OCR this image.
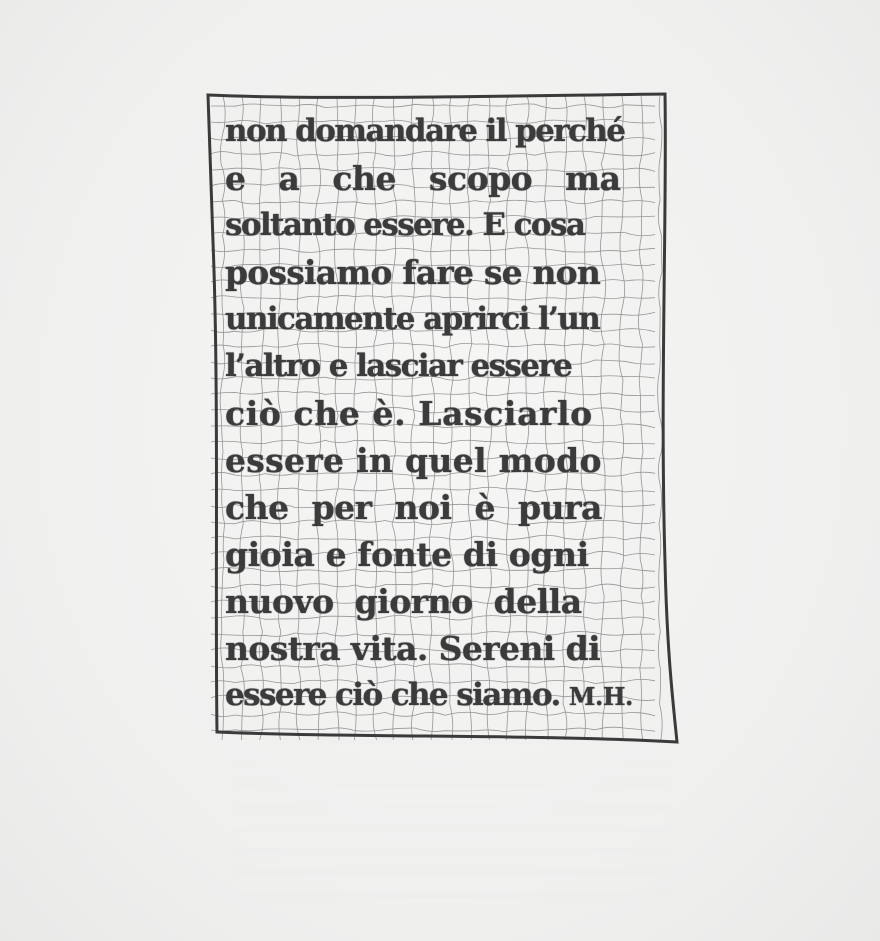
non domandare il perché
e a che scopo ma
soltanto essere. E cosa
possiamo fare se non
unicamente aprirci l’un
l’altro e lasciar essere
ciò che è. Lasciarlo
essere in quel modo
che per noi è pura
gioia e fonte di ogni
nuovo giorno della
nostra vita. Sereni di
essere ciò che siamo. M.H.
